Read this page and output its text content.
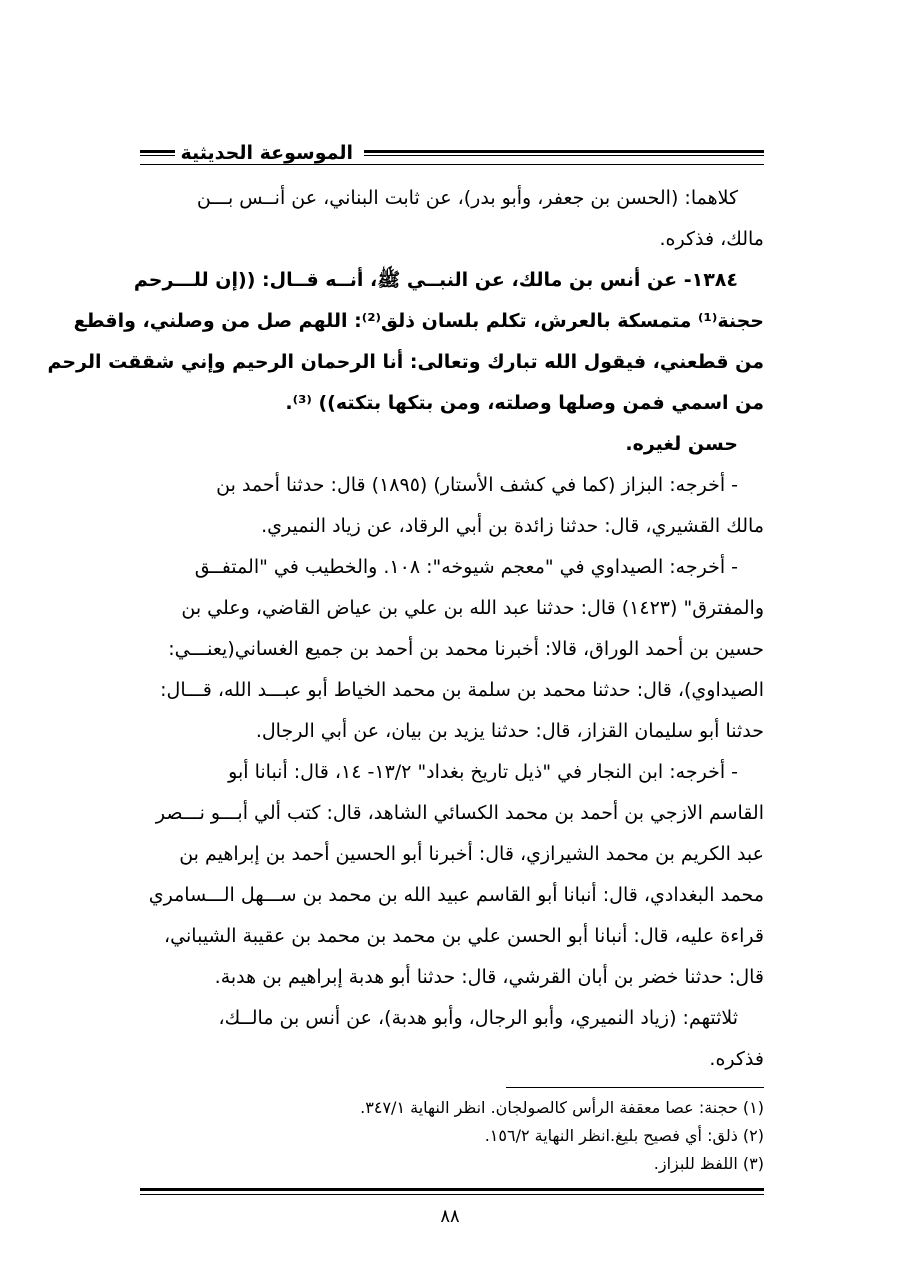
الموسوعة الحديثية
كلاهما: (الحسن بن جعفر، وأبو بدر)، عن ثابت البناني، عن أنــس بـــن
مالك، فذكره.
١٣٨٤- عن أنس بن مالك، عن النبــي ﷺ، أنــه قــال: ((إن للـــرحم
حجنة⁽¹⁾ متمسكة بالعرش، تكلم بلسان ذلق⁽²⁾: اللهم صل من وصلني، واقطع
من قطعني، فيقول الله تبارك وتعالى: أنا الرحمان الرحيم وإني شققت الرحم
من اسمي فمن وصلها وصلته، ومن بتكها بتكته)) ⁽³⁾.
حسن لغيره.
- أخرجه: البزاز (كما في كشف الأستار) (١٨٩٥) قال: حدثنا أحمد بن
مالك القشيري، قال: حدثنا زائدة بن أبي الرقاد، عن زياد النميري.
- أخرجه: الصيداوي في "معجم شيوخه": ١٠٨. والخطيب في "المتفــق
والمفترق" (١٤٢٣) قال: حدثنا عبد الله بن علي بن عياض القاضي، وعلي بن
حسين بن أحمد الوراق، قالا: أخبرنا محمد بن أحمد بن جميع الغساني(يعنـــي:
الصيداوي)، قال: حدثنا محمد بن سلمة بن محمد الخياط أبو عبـــد الله، قـــال:
حدثنا أبو سليمان القزاز، قال: حدثنا يزيد بن بيان، عن أبي الرجال.
- أخرجه: ابن النجار في "ذيل تاريخ بغداد" ١٣/٢- ١٤، قال: أنبانا أبو
القاسم الازجي بن أحمد بن محمد الكسائي الشاهد، قال: كتب ألي أبـــو نـــصر
عبد الكريم بن محمد الشيرازي، قال: أخبرنا أبو الحسين أحمد بن إبراهيم بن
محمد البغدادي، قال: أنبانا أبو القاسم عبيد الله بن محمد بن ســـهل الـــسامري
قراءة عليه، قال: أنبانا أبو الحسن علي بن محمد بن محمد بن عقيبة الشيباني،
قال: حدثنا خضر بن أبان القرشي، قال: حدثنا أبو هدبة إبراهيم بن هدبة.
ثلاثتهم: (زياد النميري، وأبو الرجال، وأبو هدبة)، عن أنس بن مالــك،
فذكره.
(١) حجنة: عصا معقفة الرأس كالصولجان. انظر النهاية ٣٤٧/١.
(٢) ذلق: أي فصيح بليغ.انظر النهاية ١٥٦/٢.
(٣) اللفظ للبزاز.
٨٨
